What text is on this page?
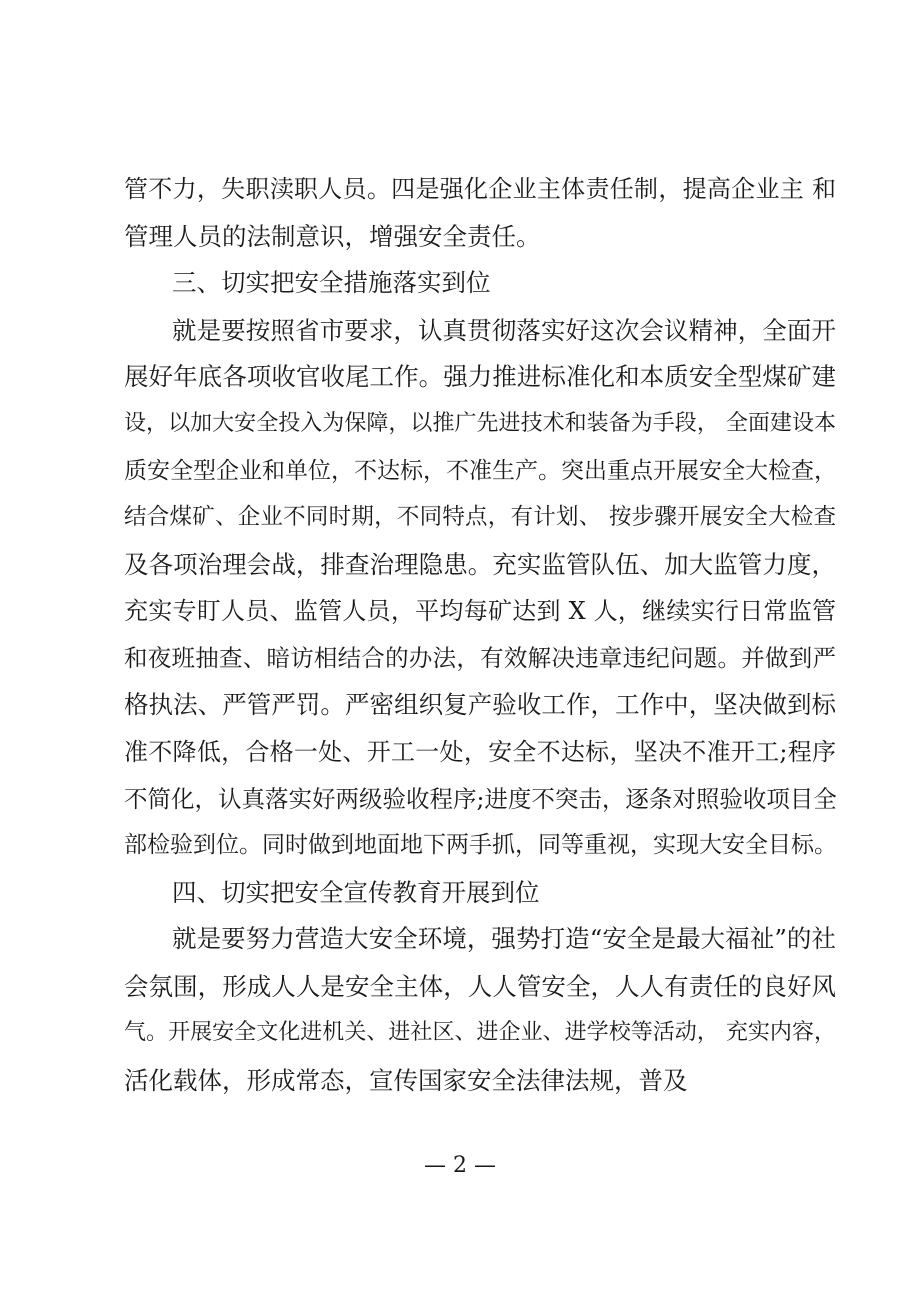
管不力，失职渎职人员。四是强化企业主体责任制，提高企业主 和
管理人员的法制意识，增强安全责任。
三、切实把安全措施落实到位
就是要按照省市要求，认真贯彻落实好这次会议精神，全面开
展好年底各项收官收尾工作。强力推进标准化和本质安全型煤矿建
设，以加大安全投入为保障，以推广先进技术和装备为手段， 全面建设本
质安全型企业和单位，不达标，不准生产。突出重点开展安全大检查，
结合煤矿、企业不同时期，不同特点，有计划、 按步骤开展安全大检查
及各项治理会战，排查治理隐患。充实监管队伍、加大监管力度，
充实专盯人员、监管人员，平均每矿达到 X 人，继续实行日常监管
和夜班抽查、暗访相结合的办法，有效解决违章违纪问题。并做到严
格执法、严管严罚。严密组织复产验收工作，工作中，坚决做到标
准不降低，合格一处、开工一处，安全不达标，坚决不准开工;程序
不简化，认真落实好两级验收程序;进度不突击，逐条对照验收项目全
部检验到位。同时做到地面地下两手抓，同等重视，实现大安全目标。
四、切实把安全宣传教育开展到位
就是要努力营造大安全环境，强势打造“安全是最大福祉”的社
会氛围，形成人人是安全主体，人人管安全，人人有责任的良好风
气。开展安全文化进机关、进社区、进企业、进学校等活动， 充实内容，
活化载体，形成常态，宣传国家安全法律法规，普及
— 2 —
